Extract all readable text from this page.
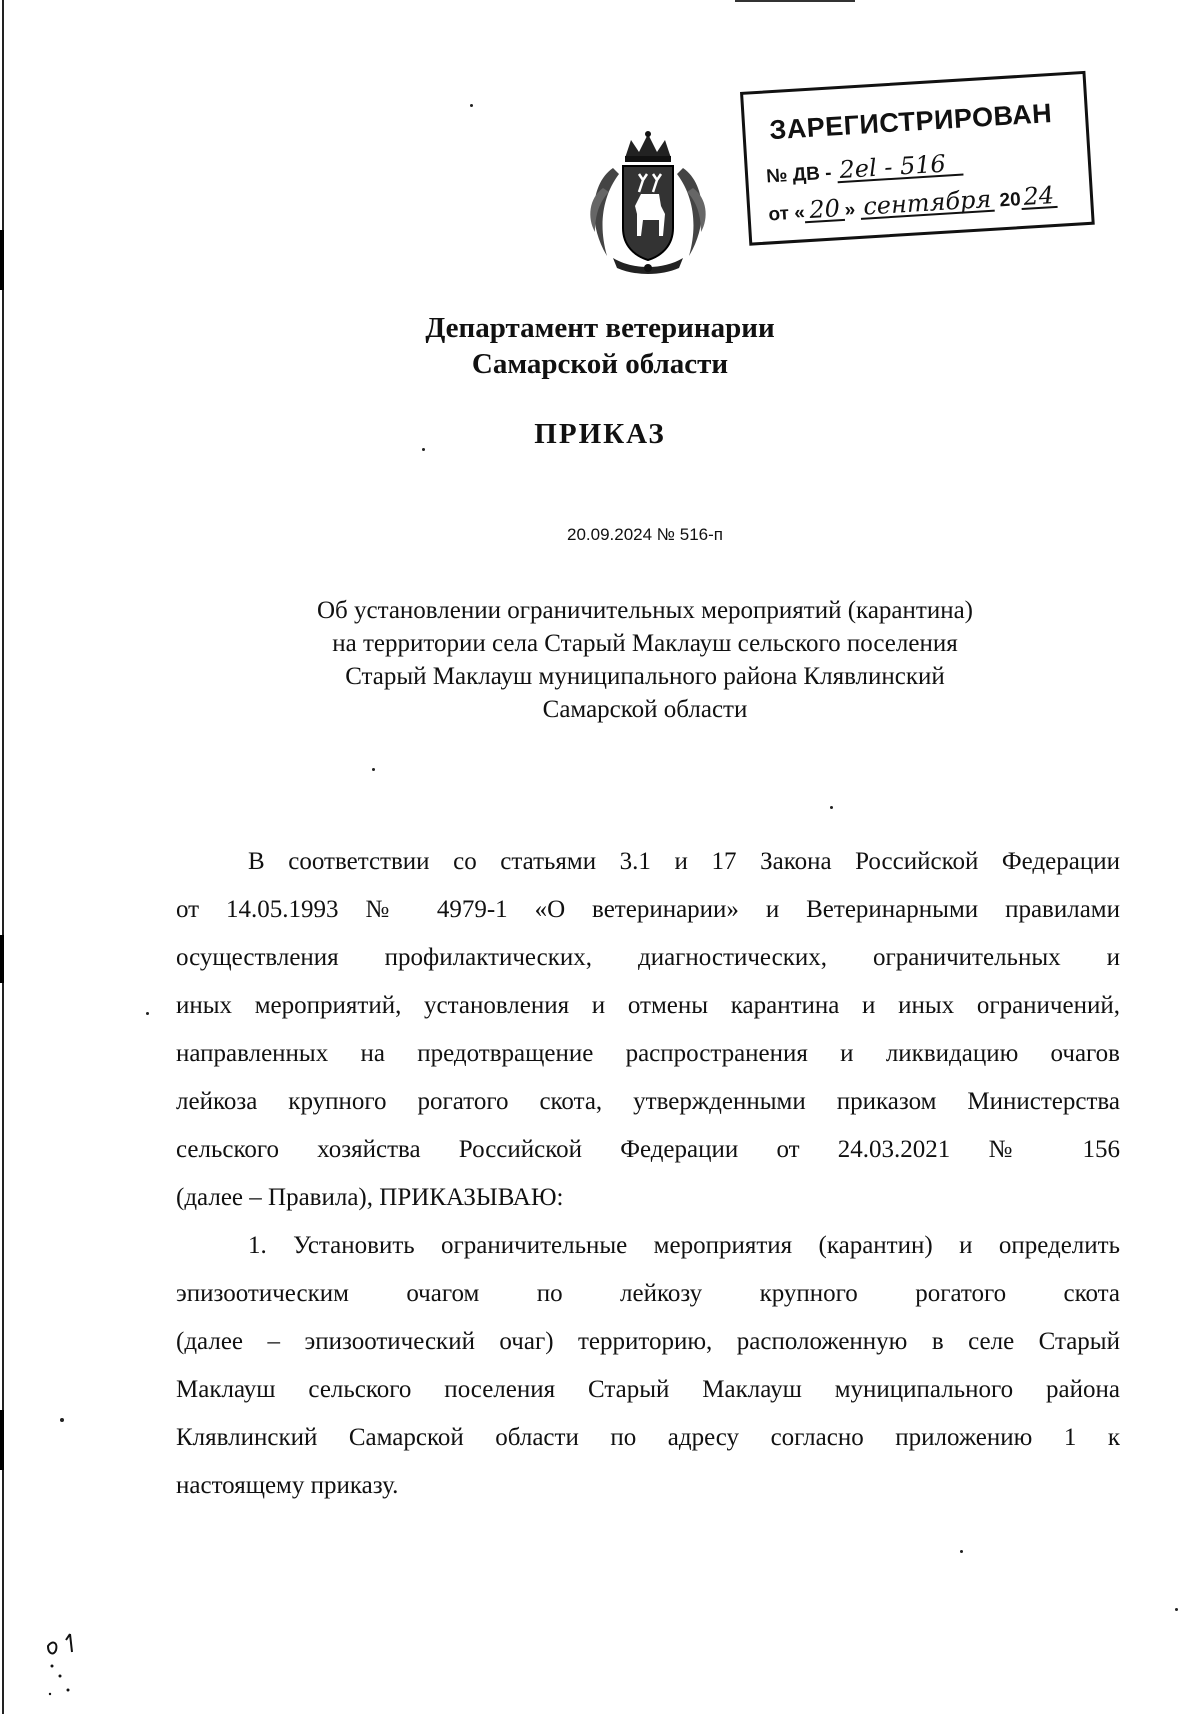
ЗАРЕГИСТРИРОВАН
№ ДВ - 2el - 516
от « 20 » сентября 2024
Департамент ветеринарии
Самарской области
ПРИКАЗ
20.09.2024 № 516-п
Об установлении ограничительных мероприятий (карантина)
на территории села Старый Маклауш сельского поселения
Старый Маклауш муниципального района Клявлинский
Самарской области
В соответствии со статьями 3.1 и 17 Закона Российской Федерации
от 14.05.1993 № 4979-1 «О ветеринарии» и Ветеринарными правилами
осуществления профилактических, диагностических, ограничительных и
иных мероприятий, установления и отмены карантина и иных ограничений,
направленных на предотвращение распространения и ликвидацию очагов
лейкоза крупного рогатого скота, утвержденными приказом Министерства
сельского хозяйства Российской Федерации от 24.03.2021 № 156
(далее – Правила), ПРИКАЗЫВАЮ:
1. Установить ограничительные мероприятия (карантин) и определить
эпизоотическим очагом по лейкозу крупного рогатого скота
(далее – эпизоотический очаг) территорию, расположенную в селе Старый
Маклауш сельского поселения Старый Маклауш муниципального района
Клявлинский Самарской области по адресу согласно приложению 1 к
настоящему приказу.
